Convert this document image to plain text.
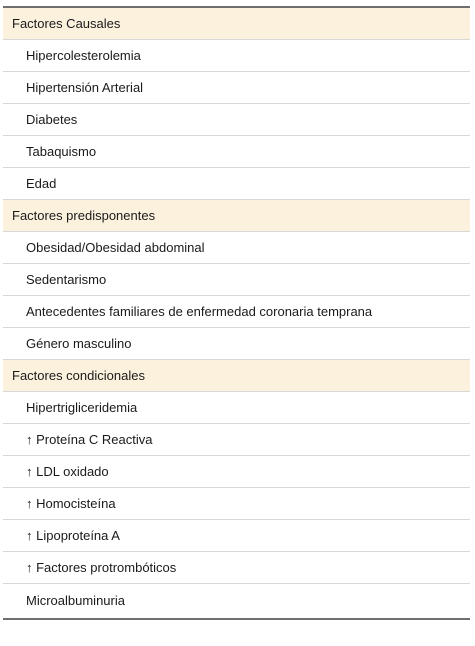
Factores Causales
Hipercolesterolemia
Hipertensión Arterial
Diabetes
Tabaquismo
Edad
Factores predisponentes
Obesidad/Obesidad abdominal
Sedentarismo
Antecedentes familiares de enfermedad coronaria temprana
Género masculino
Factores condicionales
Hipertrigliceridemia
↑ Proteína C Reactiva
↑ LDL oxidado
↑ Homocisteína
↑ Lipoproteína A
↑ Factores protrombóticos
Microalbuminuria
